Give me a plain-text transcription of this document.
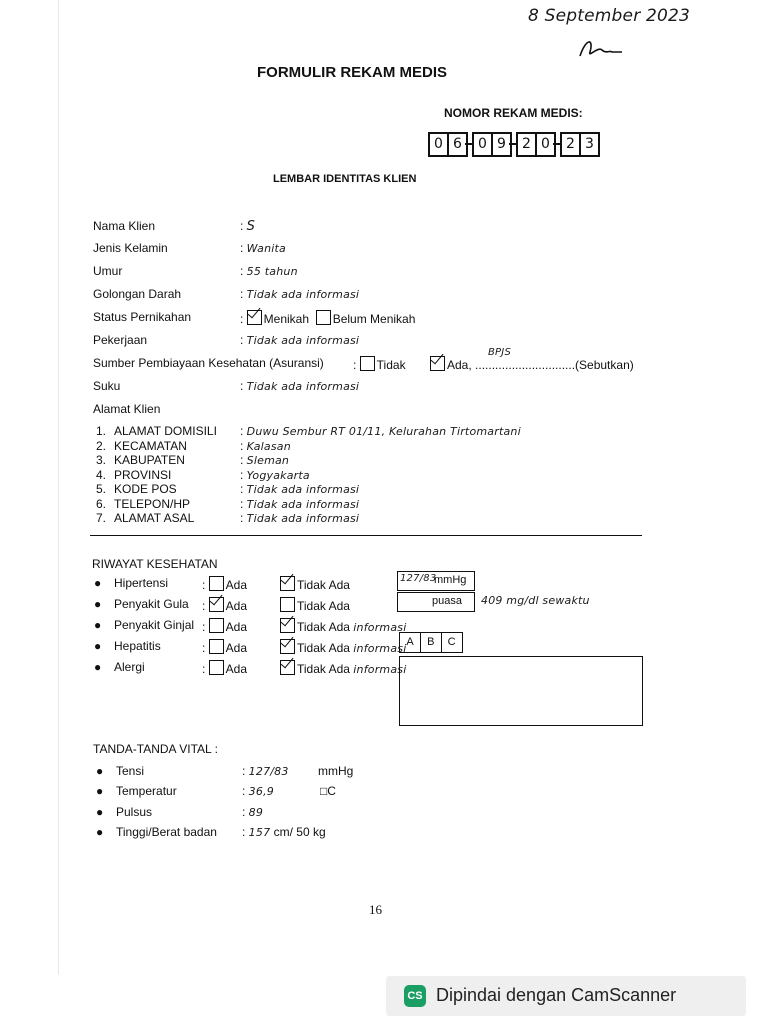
8 September 2023
FORMULIR REKAM MEDIS
NOMOR REKAM MEDIS:
0 6 0 9 2 0 2 3
LEMBAR IDENTITAS KLIEN
Nama Klien	: S
Jenis Kelamin	: Wanita
Umur	: 55 tahun
Golongan Darah	: Tidak ada informasi
Status Pernikahan	: Menikah Belum Menikah
Pekerjaan	: Tidak ada informasi
Sumber Pembiayaan Kesehatan (Asuransi) : Tidak	Ada, ..............................(Sebutkan)
BPJS
Suku	: Tidak ada informasi
Alamat Klien
1. ALAMAT DOMISILI : Duwu Sembur RT 01/11, Kelurahan Tirtomartani
2. KECAMATAN	: Kalasan
3. KABUPATEN	: Sleman
4. PROVINSI	: Yogyakarta
5. KODE POS	: Tidak ada informasi
6. TELEPON/HP	: Tidak ada informasi
7. ALAMAT ASAL	: Tidak ada informasi
RIWAYAT KESEHATAN
● Hipertensi	: Ada	Tidak Ada
● Penyakit Gula : Ada	Tidak Ada
● Penyakit Ginjal : Ada	Tidak Ada informasi
● Hepatitis	: Ada	Tidak Ada informasi
● Alergi	: Ada	Tidak Ada informasi
127/83
mmHg
puasa 409 mg/dl sewaktu
A B C
TANDA-TANDA VITAL :
● Tensi	: 127/83 mmHg
● Temperatur	: 36,9	□C
● Pulsus	: 89
● Tinggi/Berat badan : 157 cm/ 50 kg
16
CS Dipindai dengan CamScanner
